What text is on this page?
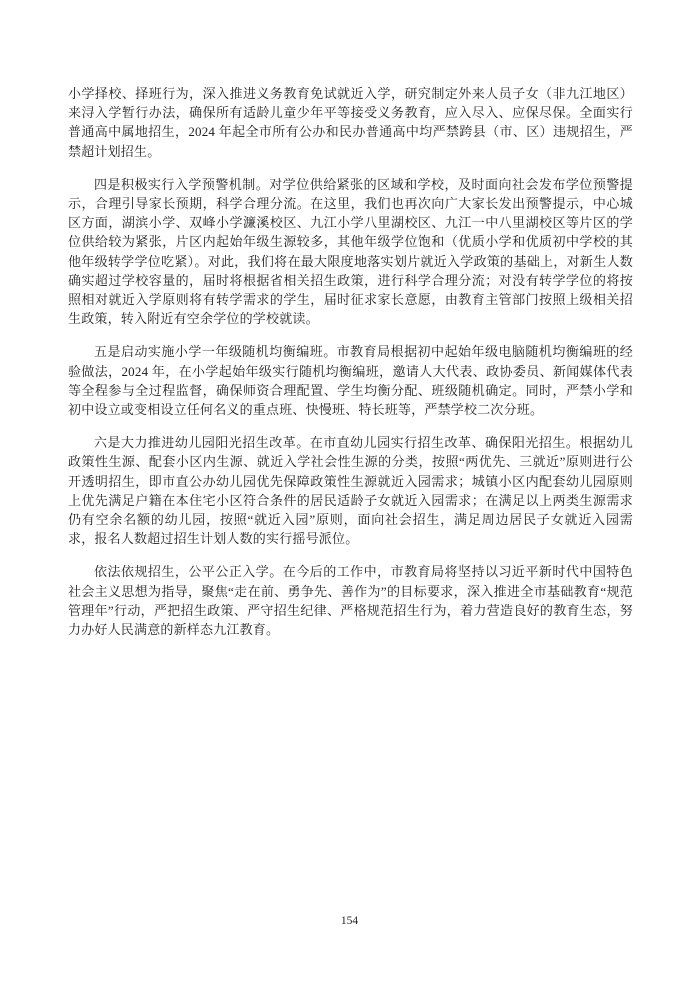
小学择校、择班行为，深入推进义务教育免试就近入学，研究制定外来人员子女（非九江地区）来浔入学暂行办法，确保所有适龄儿童少年平等接受义务教育，应入尽入、应保尽保。全面实行普通高中属地招生，2024 年起全市所有公办和民办普通高中均严禁跨县（市、区）违规招生，严禁超计划招生。

四是积极实行入学预警机制。对学位供给紧张的区域和学校，及时面向社会发布学位预警提示，合理引导家长预期，科学合理分流。在这里，我们也再次向广大家长发出预警提示，中心城区方面，湖滨小学、双峰小学濂溪校区、九江小学八里湖校区、九江一中八里湖校区等片区的学位供给较为紧张，片区内起始年级生源较多，其他年级学位饱和（优质小学和优质初中学校的其他年级转学学位吃紧）。对此，我们将在最大限度地落实划片就近入学政策的基础上，对新生人数确实超过学校容量的，届时将根据省相关招生政策，进行科学合理分流；对没有转学学位的将按照相对就近入学原则将有转学需求的学生，届时征求家长意愿，由教育主管部门按照上级相关招生政策，转入附近有空余学位的学校就读。

五是启动实施小学一年级随机均衡编班。市教育局根据初中起始年级电脑随机均衡编班的经验做法，2024 年，在小学起始年级实行随机均衡编班，邀请人大代表、政协委员、新闻媒体代表等全程参与全过程监督，确保师资合理配置、学生均衡分配、班级随机确定。同时，严禁小学和初中设立或变相设立任何名义的重点班、快慢班、特长班等，严禁学校二次分班。

六是大力推进幼儿园阳光招生改革。在市直幼儿园实行招生改革、确保阳光招生。根据幼儿政策性生源、配套小区内生源、就近入学社会性生源的分类，按照“两优先、三就近”原则进行公开透明招生，即市直公办幼儿园优先保障政策性生源就近入园需求；城镇小区内配套幼儿园原则上优先满足户籍在本住宅小区符合条件的居民适龄子女就近入园需求；在满足以上两类生源需求仍有空余名额的幼儿园，按照“就近入园”原则，面向社会招生，满足周边居民子女就近入园需求，报名人数超过招生计划人数的实行摇号派位。

依法依规招生，公平公正入学。在今后的工作中，市教育局将坚持以习近平新时代中国特色社会主义思想为指导，聚焦“走在前、勇争先、善作为”的目标要求，深入推进全市基础教育“规范管理年”行动，严把招生政策、严守招生纪律、严格规范招生行为，着力营造良好的教育生态，努力办好人民满意的新样态九江教育。

154
